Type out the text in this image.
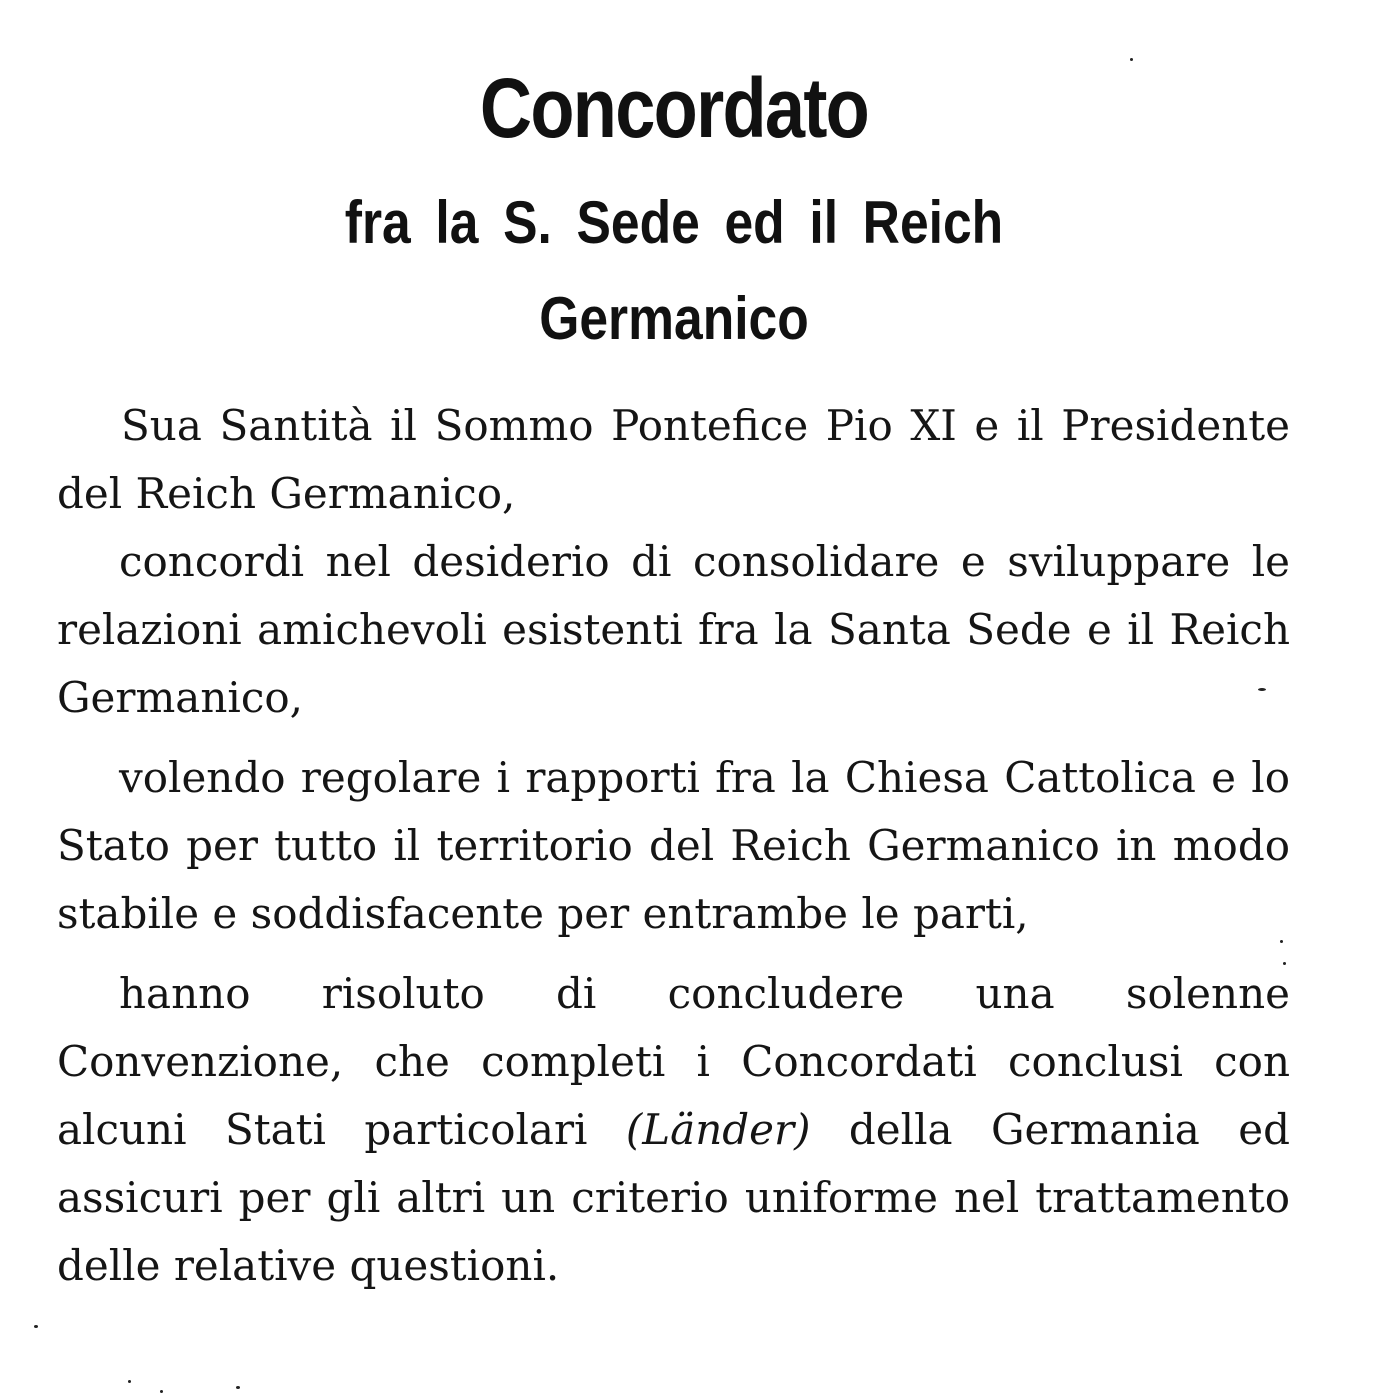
Concordato
fra la S. Sede ed il Reich
Germanico

Sua Santità il Sommo Pontefice Pio XI e il Presidente del Reich Germanico,

concordi nel desiderio di consolidare e sviluppare le relazioni amichevoli esistenti fra la Santa Sede e il Reich Germanico,

volendo regolare i rapporti fra la Chiesa Cattolica e lo Stato per tutto il territorio del Reich Germanico in modo stabile e soddisfacente per entrambe le parti,

hanno risoluto di concludere una solenne Convenzione, che completi i Concordati conclusi con alcuni Stati particolari (Länder) della Germania ed assicuri per gli altri un criterio uniforme nel trattamento delle relative questioni.
